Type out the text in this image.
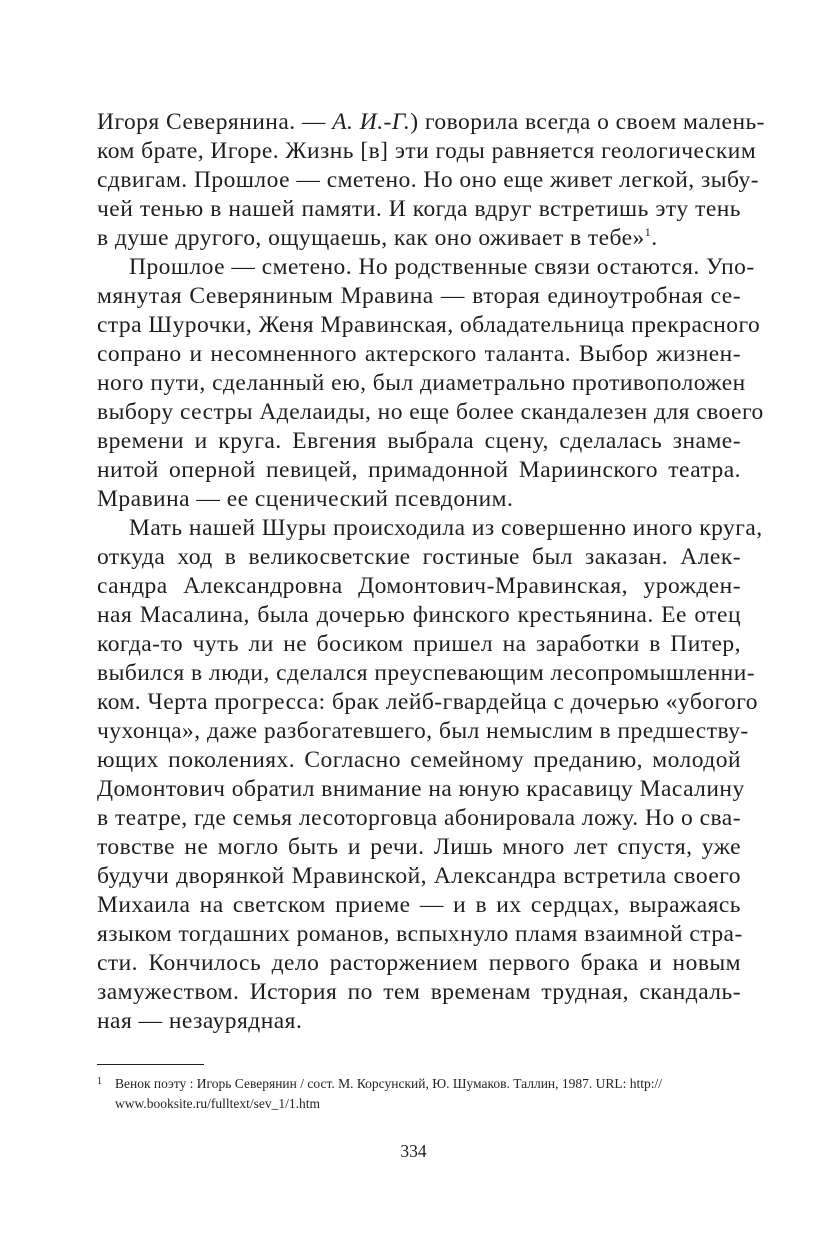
Игоря Северянина. — А. И.-Г.) говорила всегда о своем малень-
ком брате, Игоре. Жизнь [в] эти годы равняется геологическим
сдвигам. Прошлое — сметено. Но оно еще живет легкой, зыбу-
чей тенью в нашей памяти. И когда вдруг встретишь эту тень
в душе другого, ощущаешь, как оно оживает в тебе»$^1$.
Прошлое — сметено. Но родственные связи остаются. Упо-
мянутая Северяниным Мравина — вторая единоутробная се-
стра Шурочки, Женя Мравинская, обладательница прекрасного
сопрано и несомненного актерского таланта. Выбор жизнен-
ного пути, сделанный ею, был диаметрально противоположен
выбору сестры Аделаиды, но еще более скандалезен для своего
времени и круга. Евгения выбрала сцену, сделалась знаме-
нитой оперной певицей, примадонной Мариинского театра.
Мравина — ее сценический псевдоним.
Мать нашей Шуры происходила из совершенно иного круга,
откуда ход в великосветские гостиные был заказан. Алек-
сандра Александровна Домонтович-Мравинская, урожден-
ная Масалина, была дочерью финского крестьянина. Ее отец
когда-то чуть ли не босиком пришел на заработки в Питер,
выбился в люди, сделался преуспевающим лесопромышленни-
ком. Черта прогресса: брак лейб-гвардейца с дочерью «убогого
чухонца», даже разбогатевшего, был немыслим в предшеству-
ющих поколениях. Согласно семейному преданию, молодой
Домонтович обратил внимание на юную красавицу Масалину
в театре, где семья лесоторговца абонировала ложу. Но о сва-
товстве не могло быть и речи. Лишь много лет спустя, уже
будучи дворянкой Мравинской, Александра встретила своего
Михаила на светском приеме — и в их сердцах, выражаясь
языком тогдашних романов, вспыхнуло пламя взаимной стра-
сти. Кончилось дело расторжением первого брака и новым
замужеством. История по тем временам трудная, скандаль-
ная — незаурядная.
1 Венок поэту : Игорь Северянин / сост. М. Корсунский, Ю. Шумаков. Таллин, 1987. URL: http://
www.booksite.ru/fulltext/sev_1/1.htm
334
